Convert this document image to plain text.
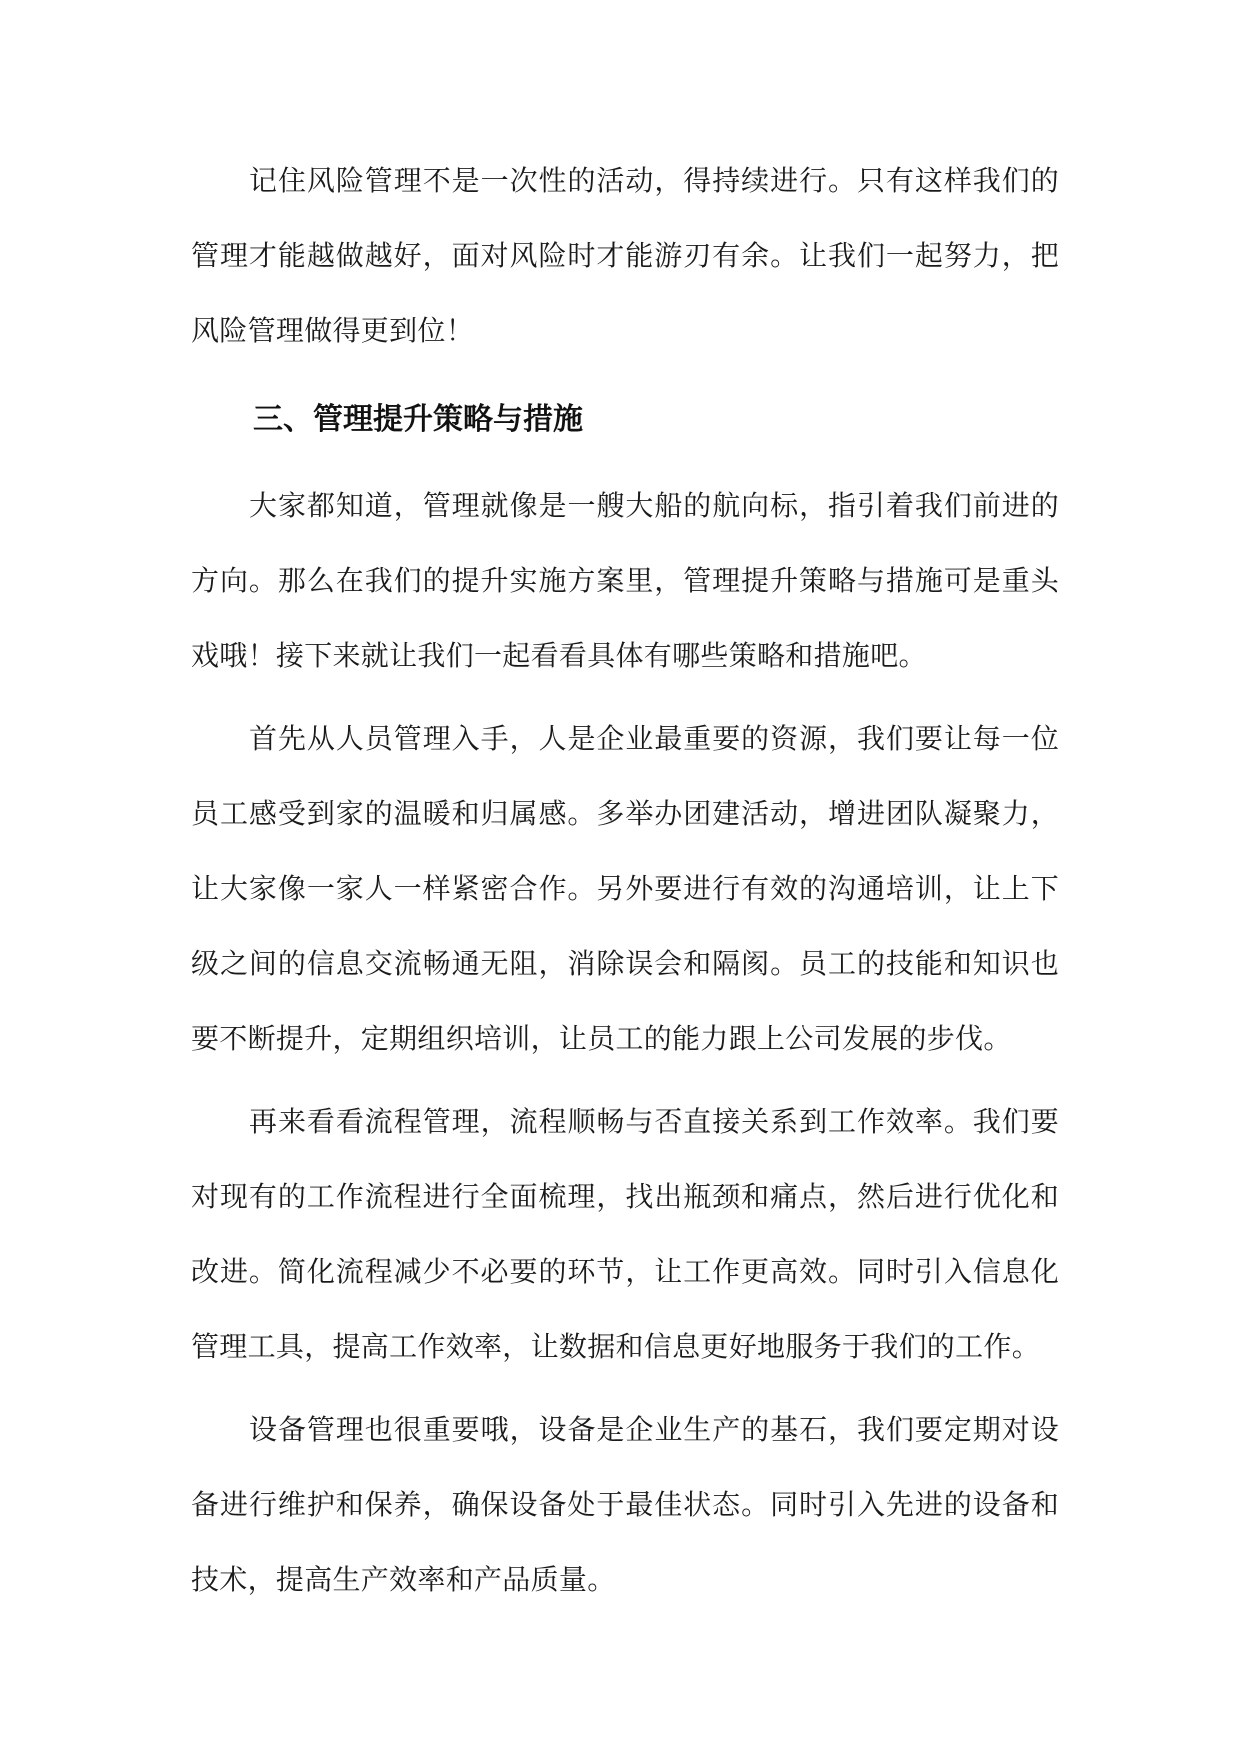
记住风险管理不是一次性的活动，得持续进行。只有这样我们的管理才能越做越好，面对风险时才能游刃有余。让我们一起努力，把风险管理做得更到位！

三、管理提升策略与措施

大家都知道，管理就像是一艘大船的航向标，指引着我们前进的方向。那么在我们的提升实施方案里，管理提升策略与措施可是重头戏哦！接下来就让我们一起看看具体有哪些策略和措施吧。

首先从人员管理入手，人是企业最重要的资源，我们要让每一位员工感受到家的温暖和归属感。多举办团建活动，增进团队凝聚力，让大家像一家人一样紧密合作。另外要进行有效的沟通培训，让上下级之间的信息交流畅通无阻，消除误会和隔阂。员工的技能和知识也要不断提升，定期组织培训，让员工的能力跟上公司发展的步伐。

再来看看流程管理，流程顺畅与否直接关系到工作效率。我们要对现有的工作流程进行全面梳理，找出瓶颈和痛点，然后进行优化和改进。简化流程减少不必要的环节，让工作更高效。同时引入信息化管理工具，提高工作效率，让数据和信息更好地服务于我们的工作。

设备管理也很重要哦，设备是企业生产的基石，我们要定期对设备进行维护和保养，确保设备处于最佳状态。同时引入先进的设备和技术，提高生产效率和产品质量。
